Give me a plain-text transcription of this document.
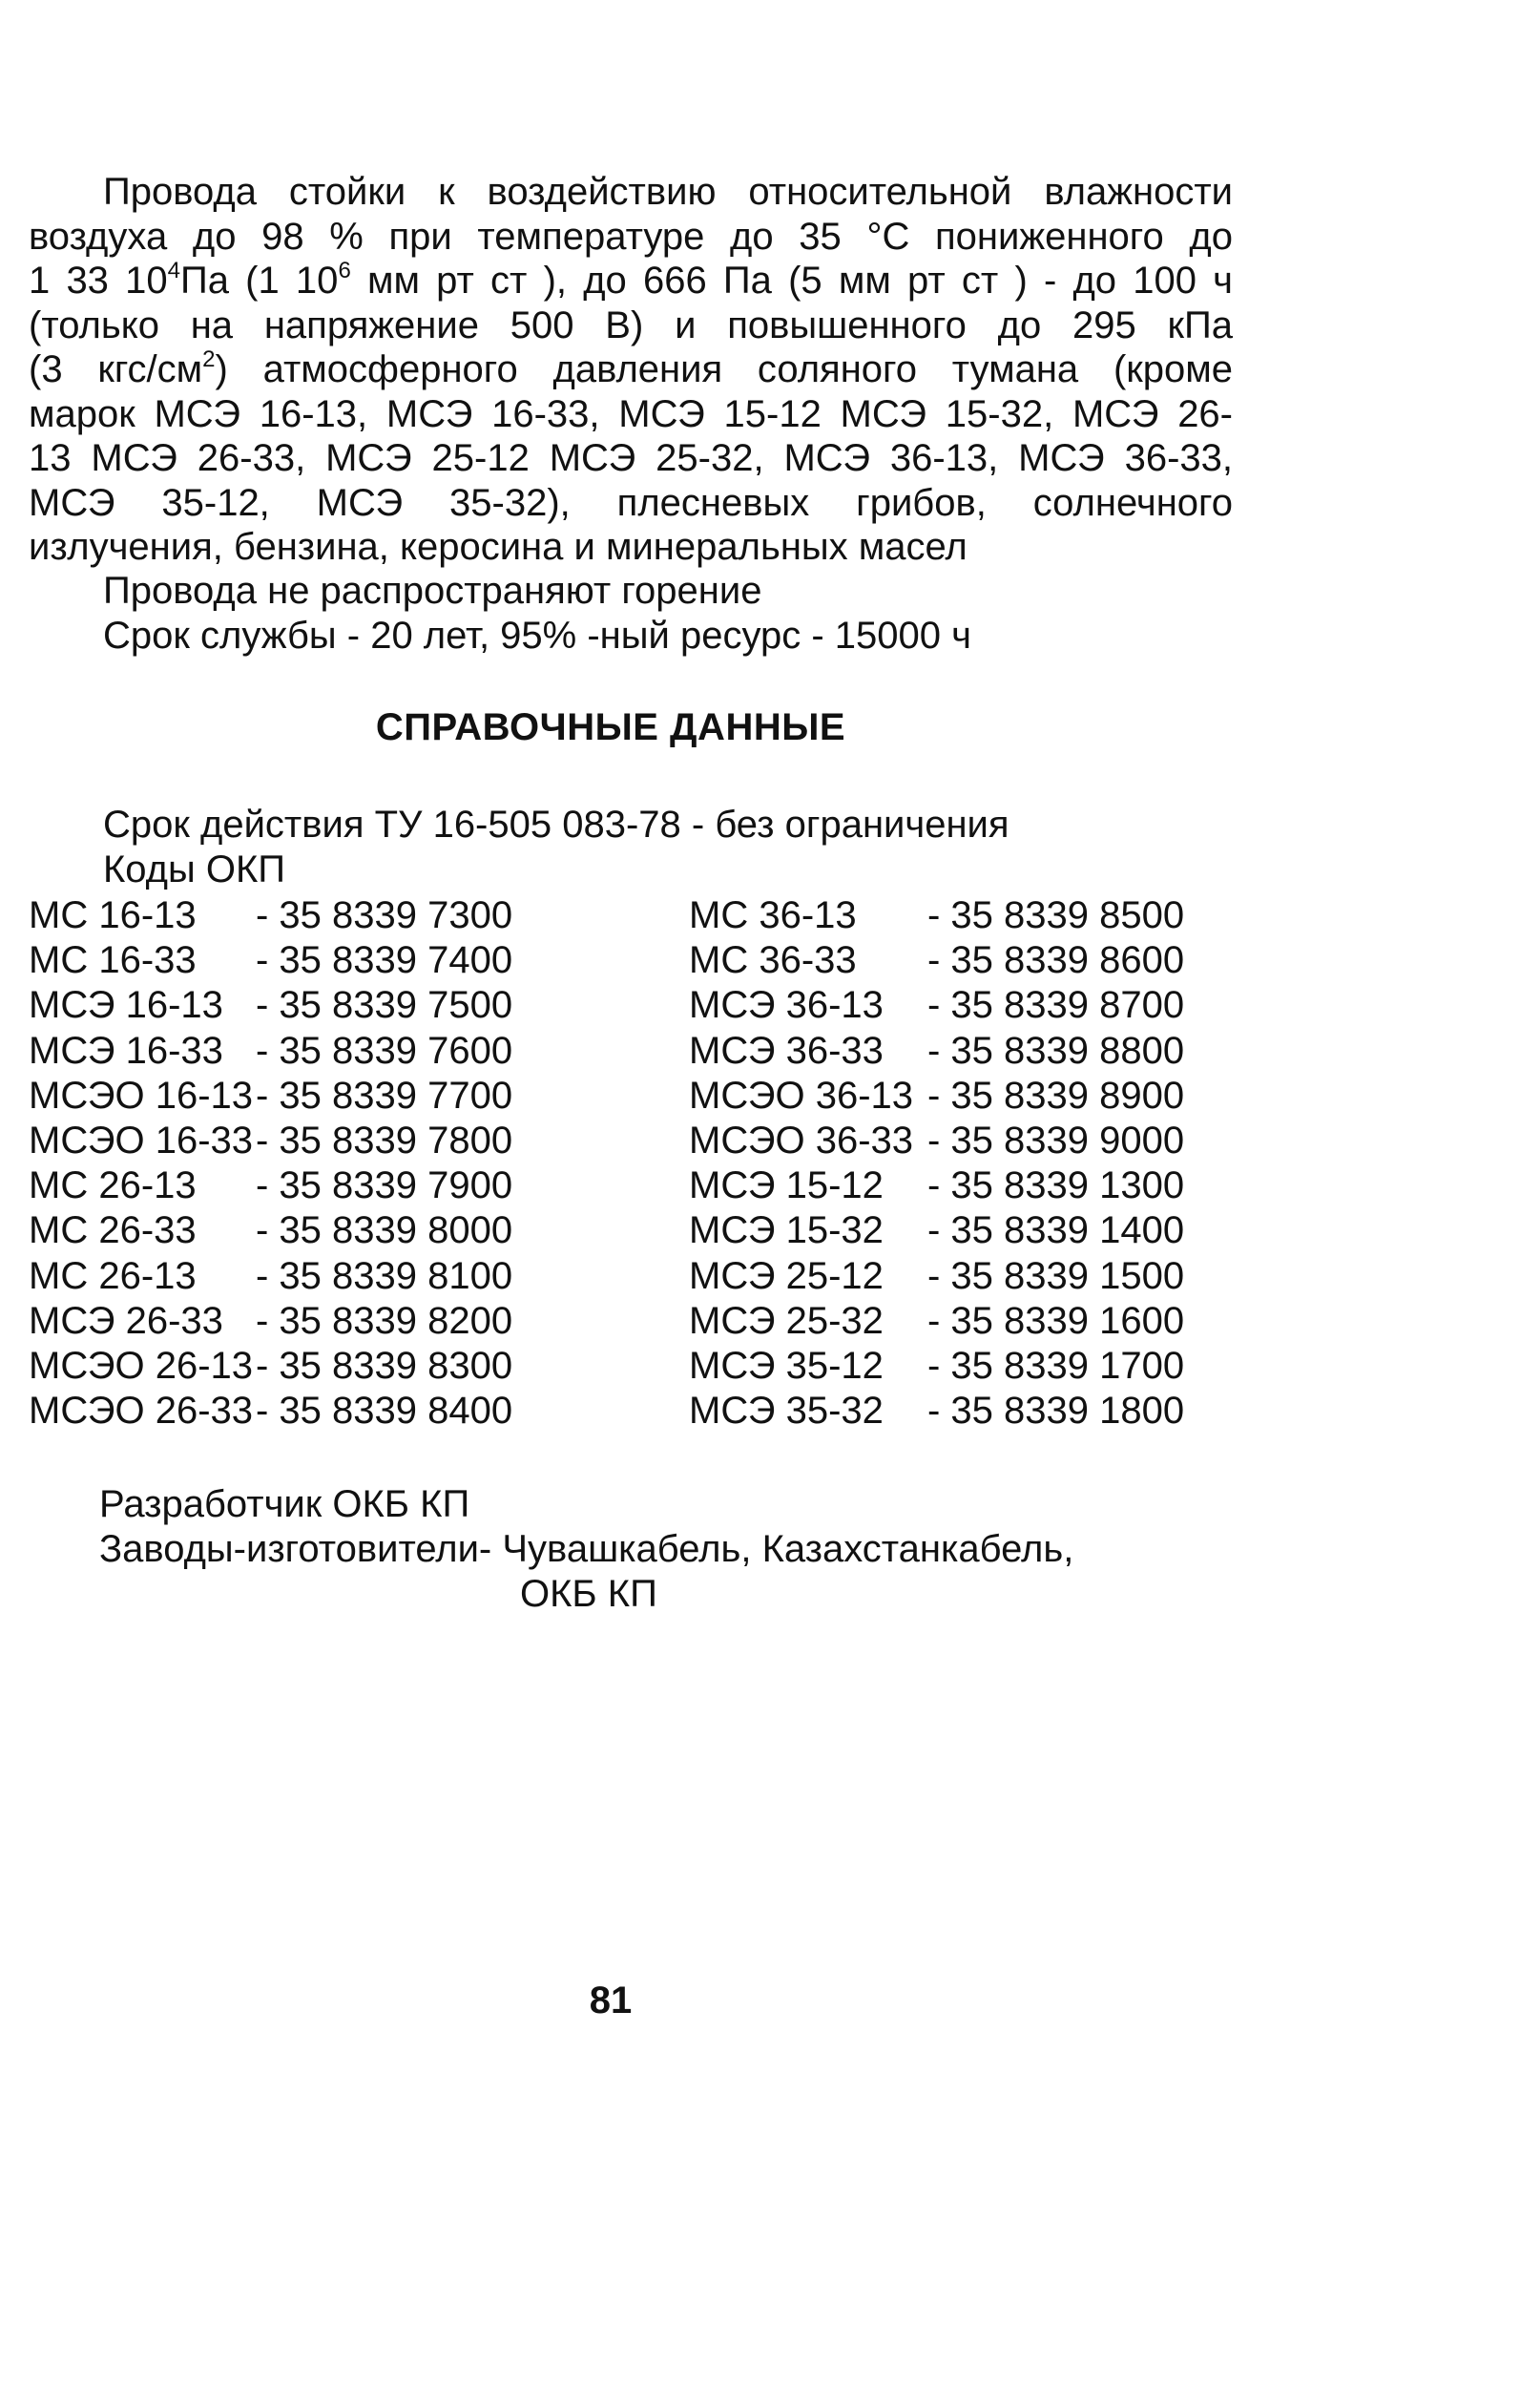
Провода стойки к воздействию относительной влажности
воздуха до 98 % при температуре до 35 °С пониженного до
1 33 $10^4Па$ (1 $10^6$ мм рт ст ), до 666 Па (5 мм рт ст ) - до 100 ч
(только на напряжение 500 В) и повышенного до 295 кПа
(3 кгс/$см^2$) атмосферного давления соляного тумана (кроме
марок МСЭ 16-13, МСЭ 16-33, МСЭ 15-12 МСЭ 15-32, МСЭ 26-
13 МСЭ 26-33, МСЭ 25-12 МСЭ 25-32, МСЭ 36-13, МСЭ 36-33,
МСЭ 35-12, МСЭ 35-32), плесневых грибов, солнечного
излучения, бензина, керосина и минеральных масел
Провода не распространяют горение
Срок службы - 20 лет, 95% -ный ресурс - 15000 ч
СПРАВОЧНЫЕ ДАННЫЕ
Срок действия ТУ 16-505 083-78 - без ограничения
Коды ОКП
МС 16-13	- 35 8339 7300
МС 16-33	- 35 8339 7400
МСЭ 16-13 - 35 8339 7500
МСЭ 16-33 - 35 8339 7600
МСЭО 16-13 - 35 8339 7700
МСЭО 16-33 - 35 8339 7800
МС 26-13	- 35 8339 7900
МС 26-33	- 35 8339 8000
МС 26-13	- 35 8339 8100
МСЭ 26-33 - 35 8339 8200
МСЭО 26-13 - 35 8339 8300
МСЭО 26-33 - 35 8339 8400
МС 36-13	- 35 8339 8500
МС 36-33	- 35 8339 8600
МСЭ 36-13	- 35 8339 8700
МСЭ 36-33	- 35 8339 8800
МСЭО 36-13 - 35 8339 8900
МСЭО 36-33 - 35 8339 9000
МСЭ 15-12	- 35 8339 1300
МСЭ 15-32	- 35 8339 1400
МСЭ 25-12	- 35 8339 1500
МСЭ 25-32	- 35 8339 1600
МСЭ 35-12	- 35 8339 1700
МСЭ 35-32	- 35 8339 1800
Разработчик ОКБ КП
Заводы-изготовители- Чувашкабель, Казахстанкабель,
ОКБ КП
81
